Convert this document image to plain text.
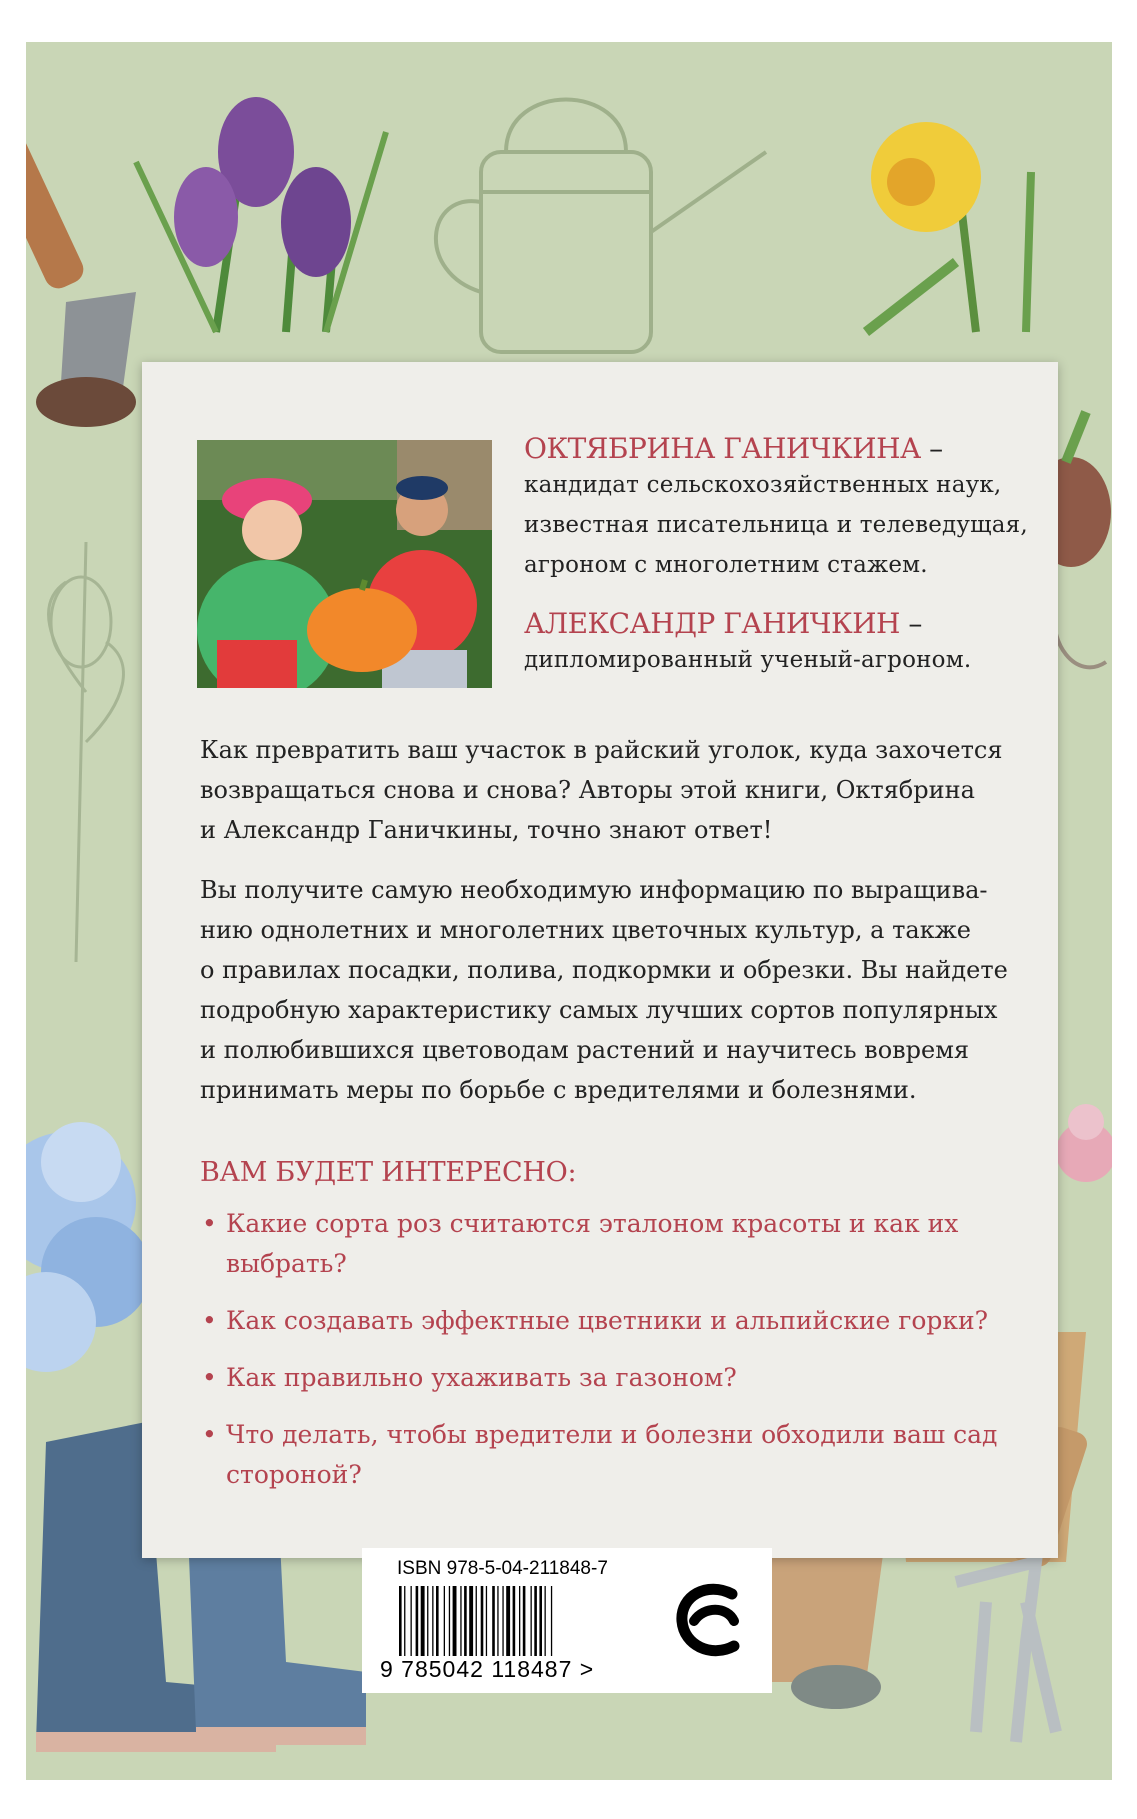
ОКТЯБРИНА ГАНИЧКИНА –
кандидат сельскохозяйственных наук,
известная писательница и телеведущая,
агроном с многолетним стажем.
АЛЕКСАНДР ГАНИЧКИН –
дипломированный ученый-агроном.
Как превратить ваш участок в райский уголок, куда захочется
возвращаться снова и снова? Авторы этой книги, Октябрина
и Александр Ганичкины, точно знают ответ!
Вы получите самую необходимую информацию по выращива-
нию однолетних и многолетних цветочных культур, а также
о правилах посадки, полива, подкормки и обрезки. Вы найдете
подробную характеристику самых лучших сортов популярных
и полюбившихся цветоводам растений и научитесь вовремя
принимать меры по борьбе с вредителями и болезнями.
ВАМ БУДЕТ ИНТЕРЕСНО:
• Какие сорта роз считаются эталоном красоты и как их
выбрать?
• Как создавать эффектные цветники и альпийские горки?
• Как правильно ухаживать за газоном?
• Что делать, чтобы вредители и болезни обходили ваш сад
стороной?
ISBN 978-5-04-211848-7
9 785042 118487 >
